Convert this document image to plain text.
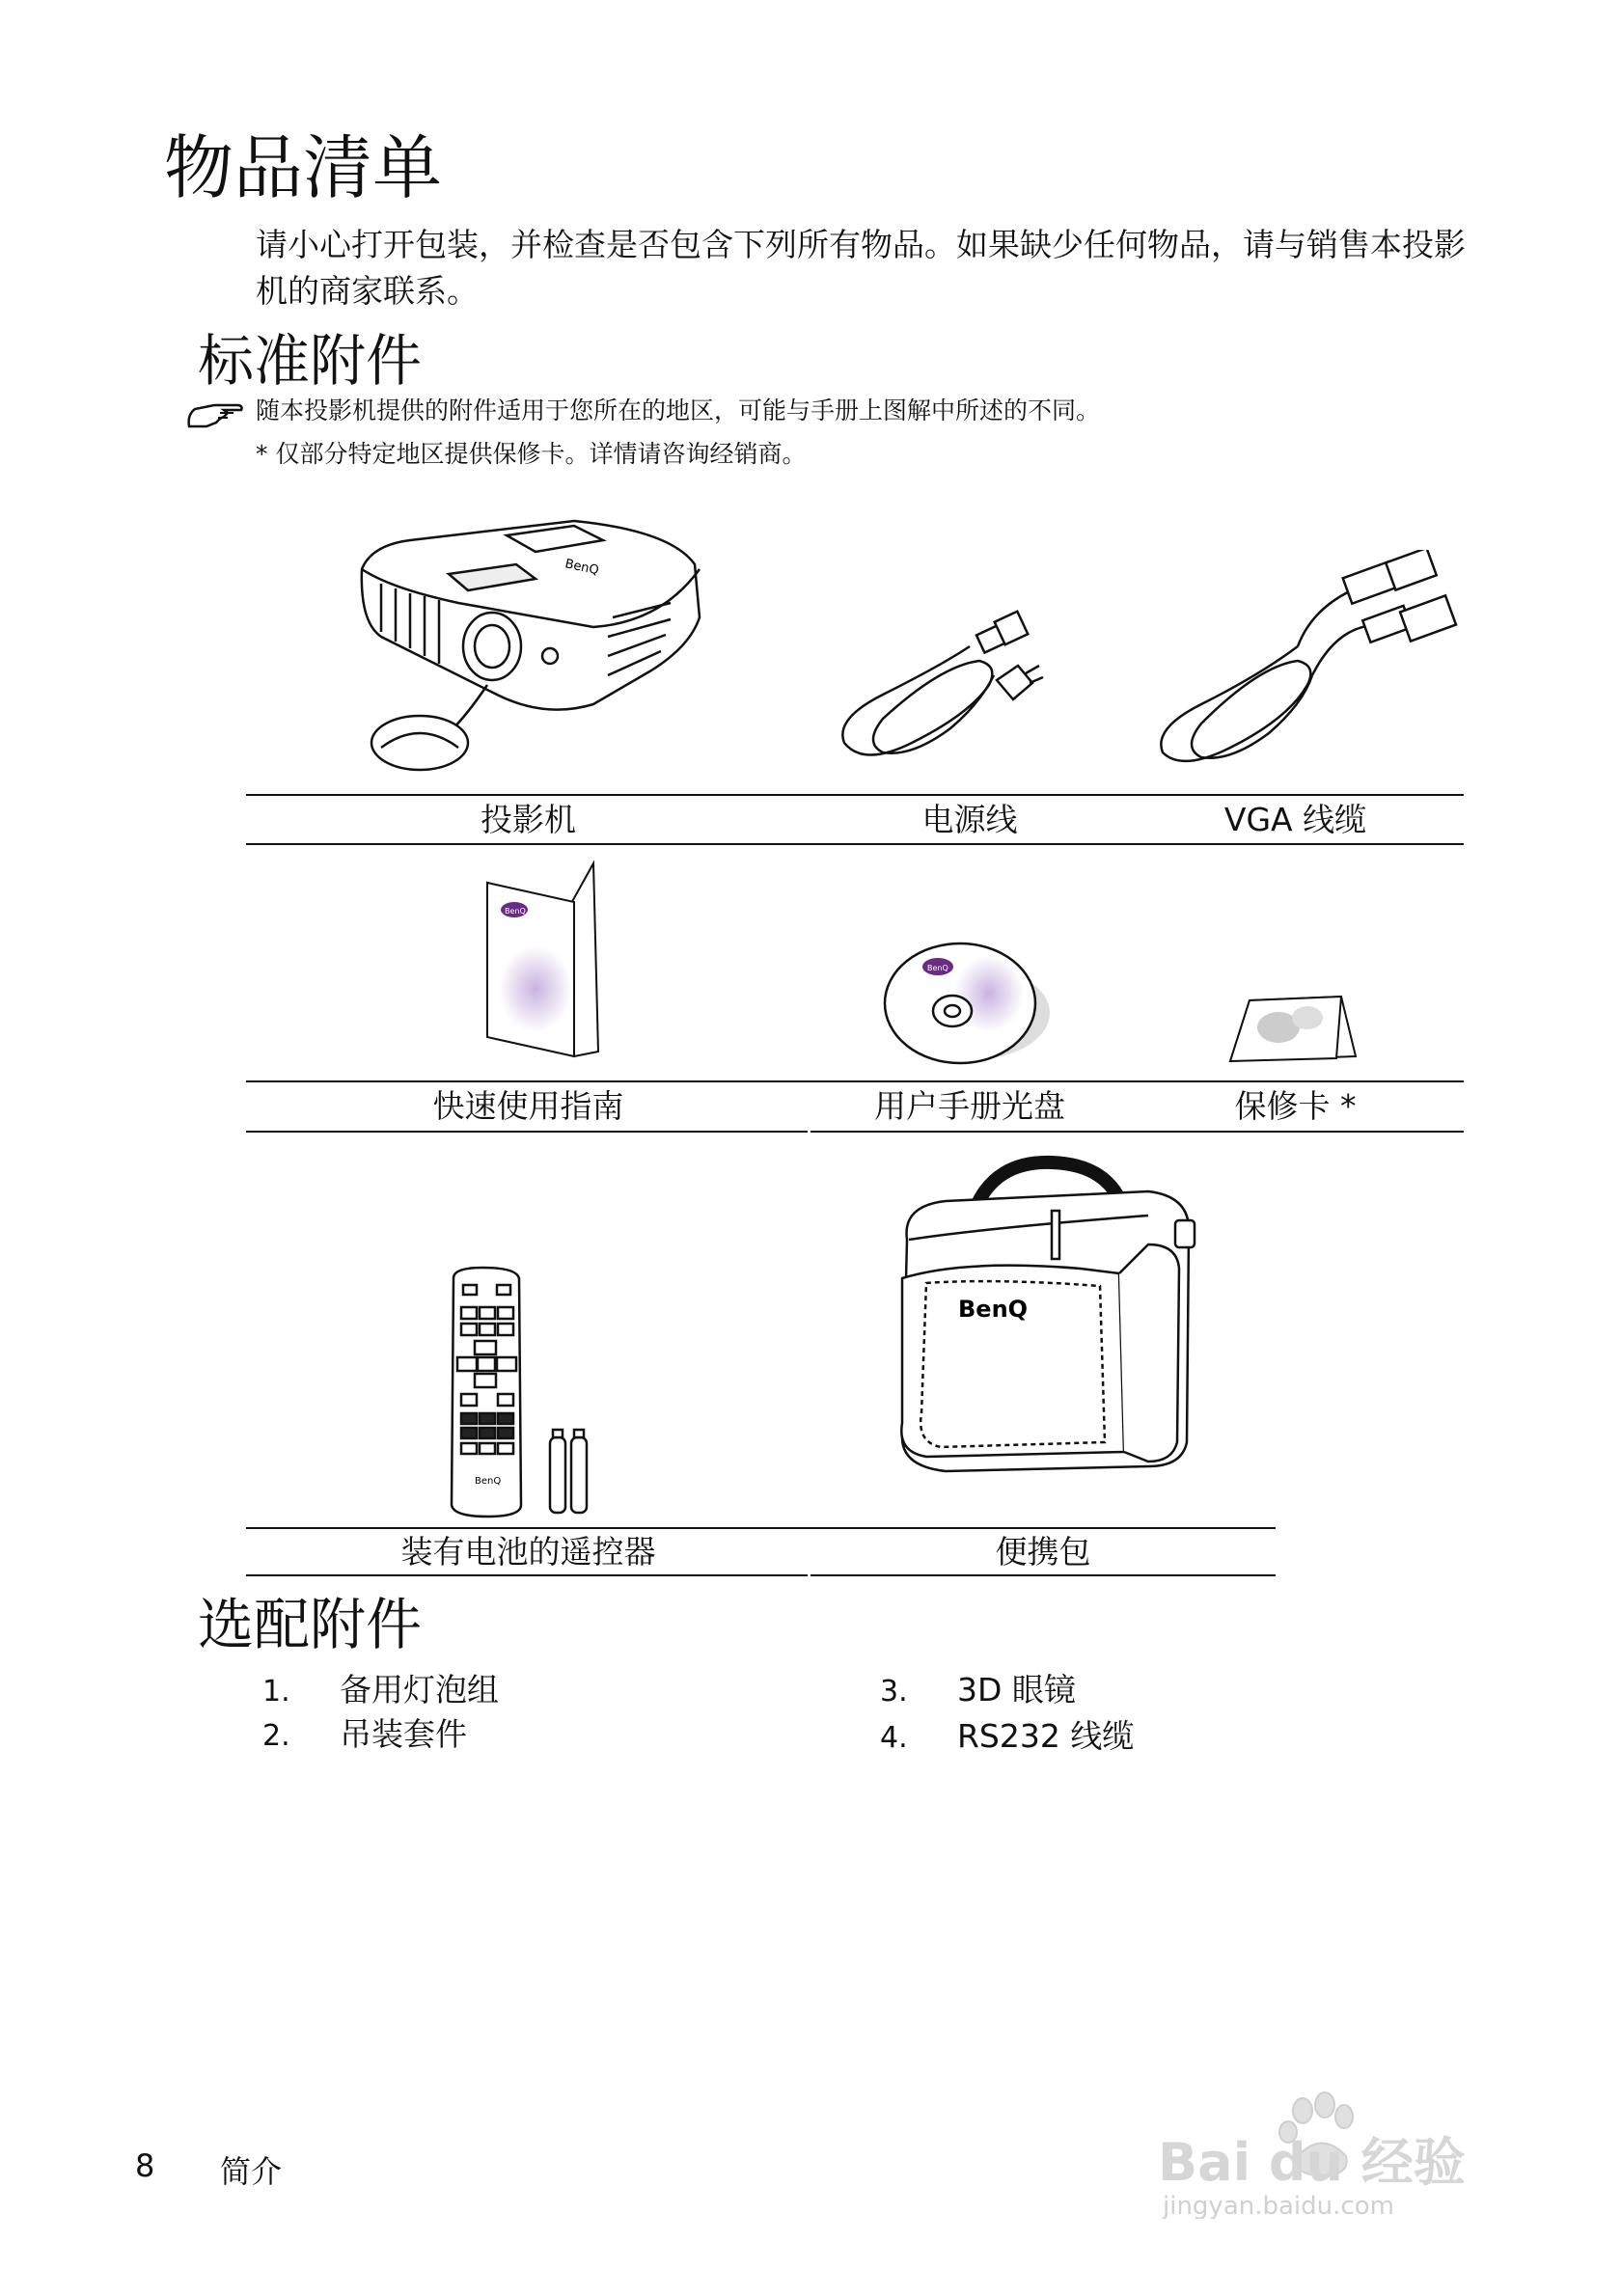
物品清单
请小心打开包装，并检查是否包含下列所有物品。如果缺少任何物品，请与销售本投影机的商家联系。
标准附件
随本投影机提供的附件适用于您所在的地区，可能与手册上图解中所述的不同。
* 仅部分特定地区提供保修卡。详情请咨询经销商。
BenQ
投影机	电源线	VGA 线缆
BenQ
BenQ
快速使用指南	用户手册光盘	保修卡 *
BenQ
BenQ
装有电池的遥控器	便携包
选配附件
1. 备用灯泡组
2. 吊装套件
3. 3D 眼镜
4. RS232 线缆
8 简介	Bai du 经验
jingyan.baidu.com
